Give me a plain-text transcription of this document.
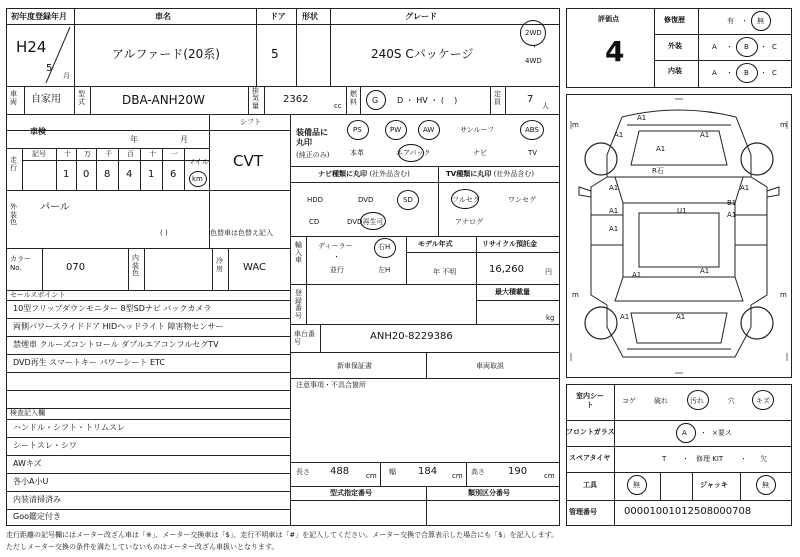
初年度登録年月	車名	ドア 形状	グレード
H24
5
月
アルファード(20系)	5	240S Cパッケージ
2WD
・
4WD
車両 自家用 型式	DBA-ANH20W
排気量
2362
cc
燃料 G D ・ HV ・ (    )
定員	7
人
車検
シフト
年	月
走行
記号	十 万 千 百 十 一
マイル
1 0 8 4 1 6 km
CVT
外装色
パール
( )	色替車は色替え記入
カラーNo.	070
内装色
冷房 WAC
セールスポイント
10型フリップダウンモニター 8型SDナビ バックカメラ
両側パワースライドドア HIDヘッドライト 障害物センサー
禁煙車 クルーズコントロール ダブルエアコンフルセグTV
DVD再生 スマートキー パワーシート ETC
検査記入欄
ハンドル・シフト・トリムスレ
シートスレ・シワ
AWキズ
各小A小U
内装清掃済み
Goo鑑定付き
装備品に丸印
(純正のみ)
PS	PW	AW	サンルーフ	ABS
本革	エアバック	ナビ	TV
ナビ種類に丸印 (社外品含む)	TV種類に丸印 (社外品含む)
HDD	DVD	SD
CD	DVD再生可
フルセグ	ワンセグ
アナログ
輸入車
ディーラー
・
並行
右H
左H
モデル年式
年 不明
リサイクル預託金
16,260	円
登録番号
最大積載量
kg
車台番号
ANH20-8229386
新車保証書	車両取説
注意事項・不具合箇所
長さ 488 cm 幅 184 cm 高さ 190 cm
型式指定番号	類別区分番号
評価点
4
修復歴	有 ・ 無
外装	A ・ B ・ C
内装	A ・ B ・ C
m	m
m	m
A1
A1	A1
A1
R石
A1	A1
A1	U1
B1
A1
A1
A1	A1
A1	A1
室内シート
コゲ	破れ	汚れ	穴	キズ
フロントガラス	A ・ ×要ス
スペアタイヤ	T ・ 修理 KIT ・ 欠
工具	無	ジャッキ	無
管理番号	00001001012508000708
走行距離の記号欄にはメーター改ざん車は「※」、メーター交換車は「$」、走行不明車は「#」を記入してください。メーター交換で合算表示した場合にも「$」を記入します。
ただしメーター交換の条件を満たしていないものはメーター改ざん車扱いとなります。
